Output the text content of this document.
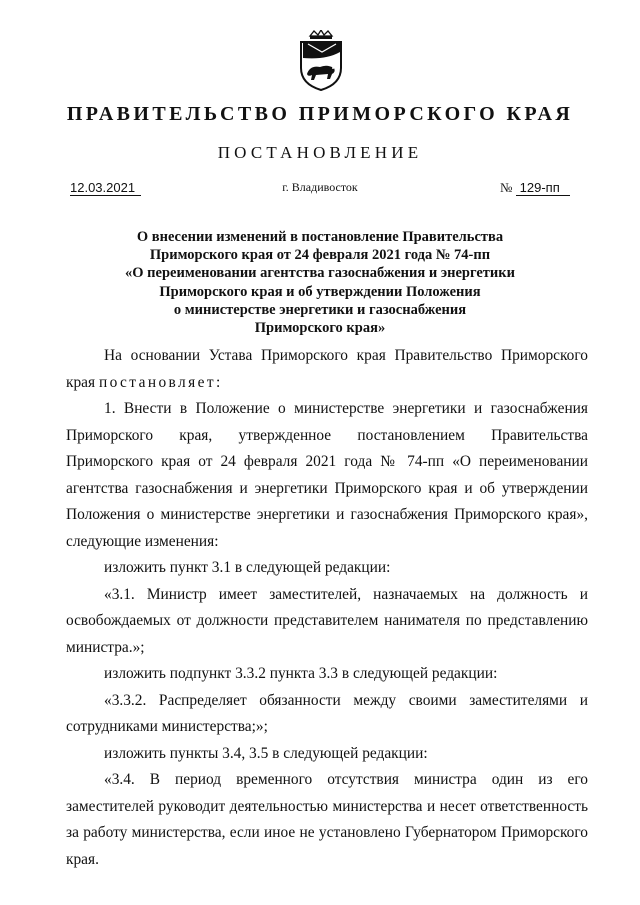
ПРАВИТЕЛЬСТВО ПРИМОРСКОГО КРАЯ
ПОСТАНОВЛЕНИЕ
12.03.2021	г. Владивосток	№ 129-пп
О внесении изменений в постановление Правительства
Приморского края от 24 февраля 2021 года № 74-пп
«О переименовании агентства газоснабжения и энергетики
Приморского края и об утверждении Положения
о министерстве энергетики и газоснабжения
Приморского края»

На основании Устава Приморского края Правительство Приморского края постановляет:

1. Внести в Положение о министерстве энергетики и газоснабжения Приморского края, утвержденное постановлением Правительства Приморского края от 24 февраля 2021 года № 74-пп «О переименовании агентства газоснабжения и энергетики Приморского края и об утверждении Положения о министерстве энергетики и газоснабжения Приморского края», следующие изменения:

изложить пункт 3.1 в следующей редакции:

«3.1. Министр имеет заместителей, назначаемых на должность и освобождаемых от должности представителем нанимателя по представлению министра.»;

изложить подпункт 3.3.2 пункта 3.3 в следующей редакции:

«3.3.2. Распределяет обязанности между своими заместителями и сотрудниками министерства;»;

изложить пункты 3.4, 3.5 в следующей редакции:

«3.4. В период временного отсутствия министра один из его заместителей руководит деятельностью министерства и несет ответственность за работу министерства, если иное не установлено Губернатором Приморского края.
